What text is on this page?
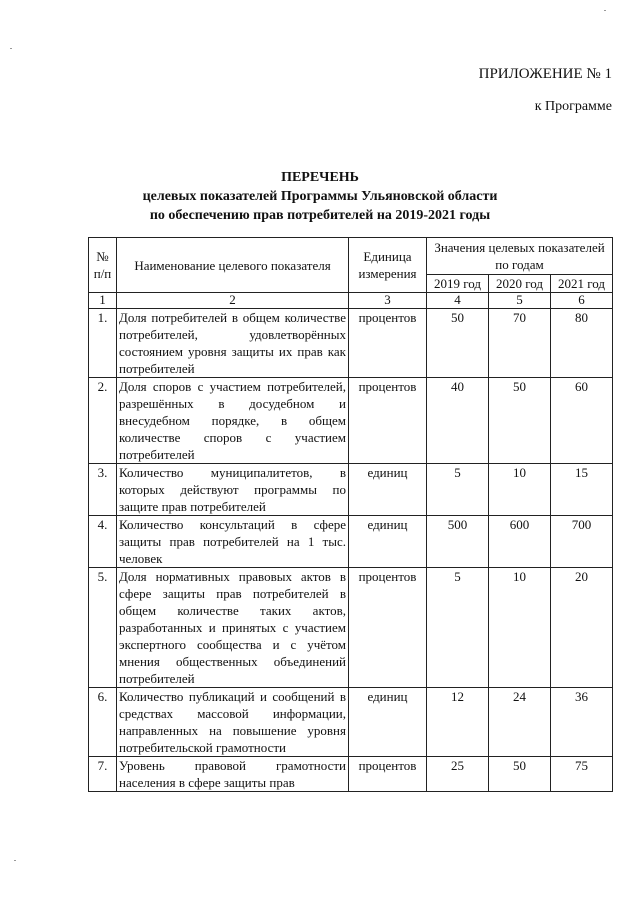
ПРИЛОЖЕНИЕ № 1
к Программе
ПЕРЕЧЕНЬ
целевых показателей Программы Ульяновской области
по обеспечению прав потребителей на 2019-2021 годы
№ п/п	Наименование целевого показателя	Единица измерения	Значения целевых показателей по годам		
			2019 год	2020 год	2021 год
1	2	3	4	5	6
1.	Доля потребителей в общем количестве потребителей, удовлетворённых состоянием уровня защиты их прав как потребителей	процентов	50	70	80
2.	Доля споров с участием потребителей, разрешённых в досудебном и внесудебном порядке, в общем количестве споров с участием потребителей	процентов	40	50	60
3.	Количество муниципалитетов, в которых действуют программы по защите прав потребителей	единиц	5	10	15
4.	Количество консультаций в сфере защиты прав потребителей на 1 тыс. человек	единиц	500	600	700
5.	Доля нормативных правовых актов в сфере защиты прав потребителей в общем количестве таких актов, разработанных и принятых с участием экспертного сообщества и с учётом мнения общественных объединений потребителей	процентов	5	10	20
6.	Количество публикаций и сообщений в средствах массовой информации, направленных на повышение уровня потребительской грамотности	единиц	12	24	36
7.	Уровень правовой грамотности населения в сфере защиты прав	процентов	25	50	75
